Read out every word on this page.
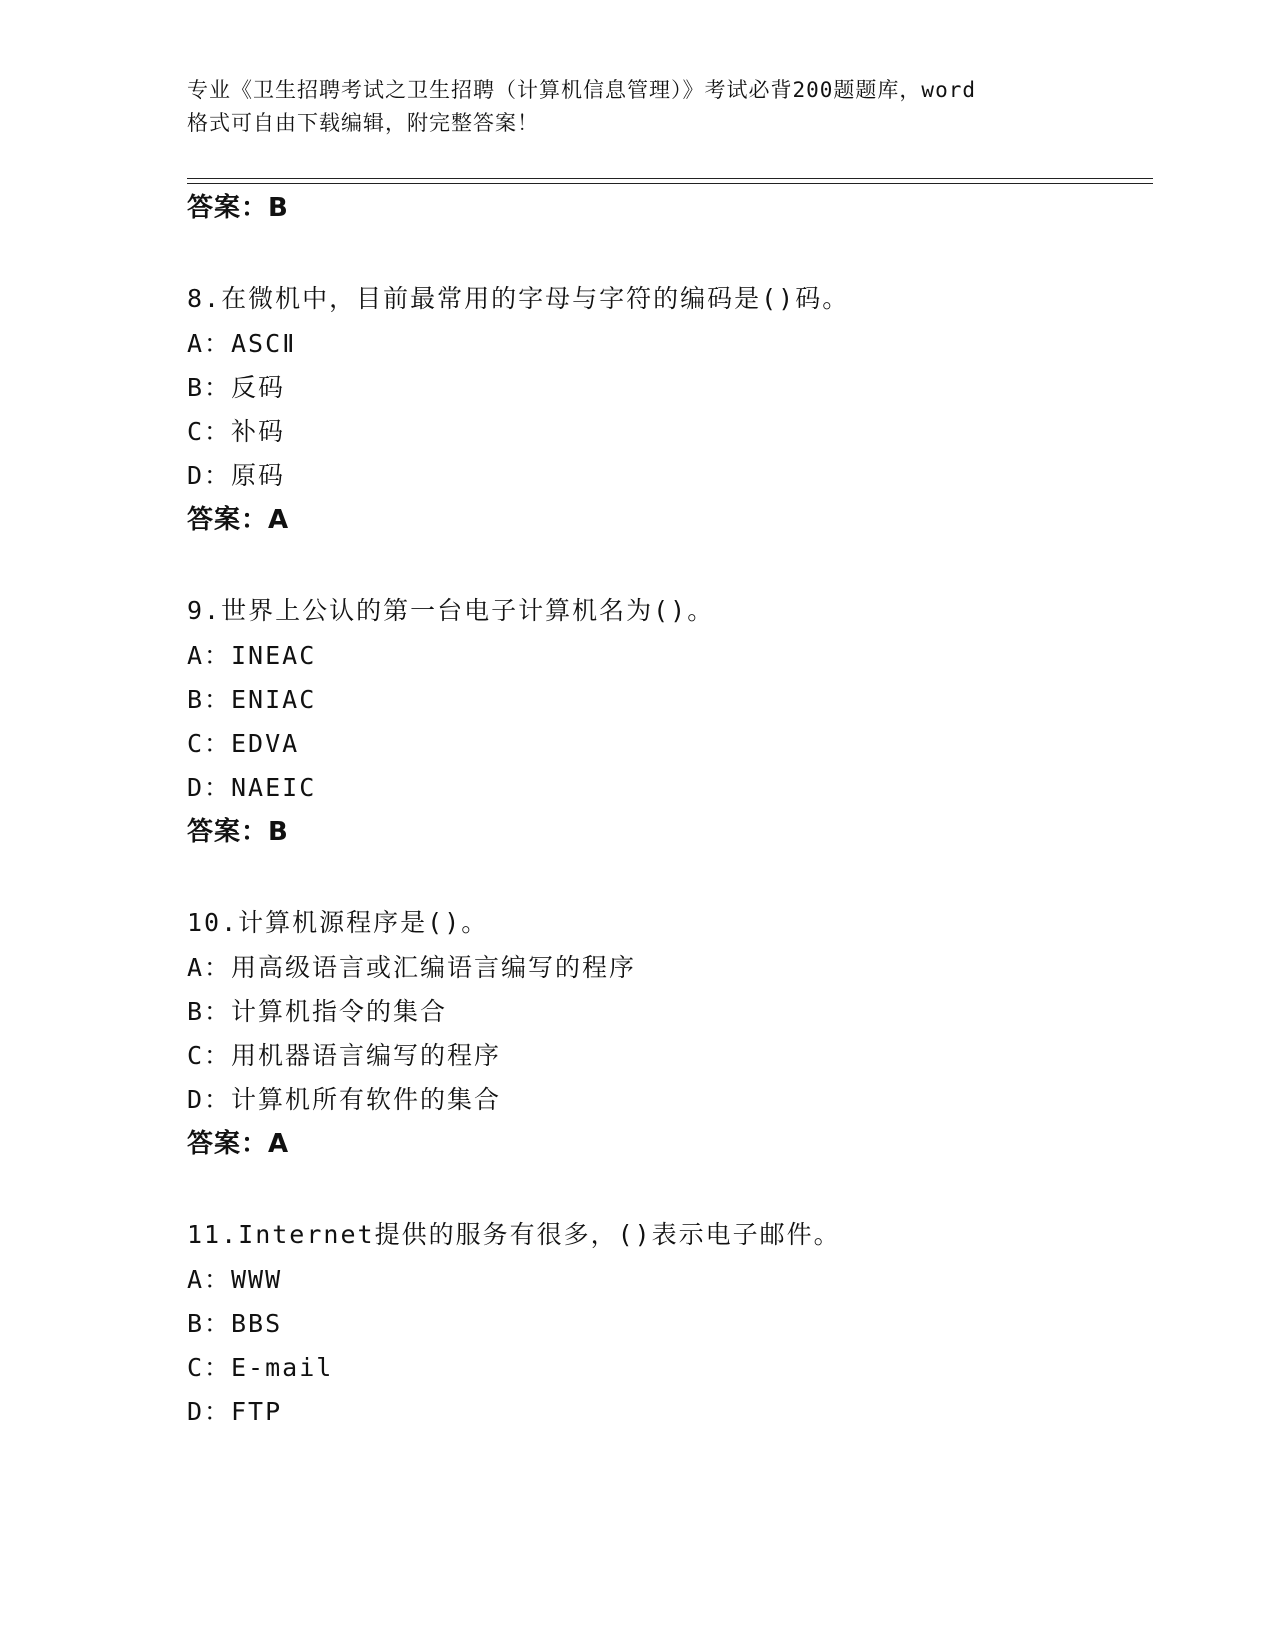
专业《卫生招聘考试之卫生招聘（计算机信息管理）》考试必背200题题库，word
格式可自由下载编辑，附完整答案！
答案：B
8.在微机中，目前最常用的字母与字符的编码是()码。
A：ASCⅡ
B：反码
C：补码
D：原码
答案：A
9.世界上公认的第一台电子计算机名为()。
A：INEAC
B：ENIAC
C：EDVA
D：NAEIC
答案：B
10.计算机源程序是()。
A：用高级语言或汇编语言编写的程序
B：计算机指令的集合
C：用机器语言编写的程序
D：计算机所有软件的集合
答案：A
11.Internet提供的服务有很多，()表示电子邮件。
A：WWW
B：BBS
C：E-mail
D：FTP
